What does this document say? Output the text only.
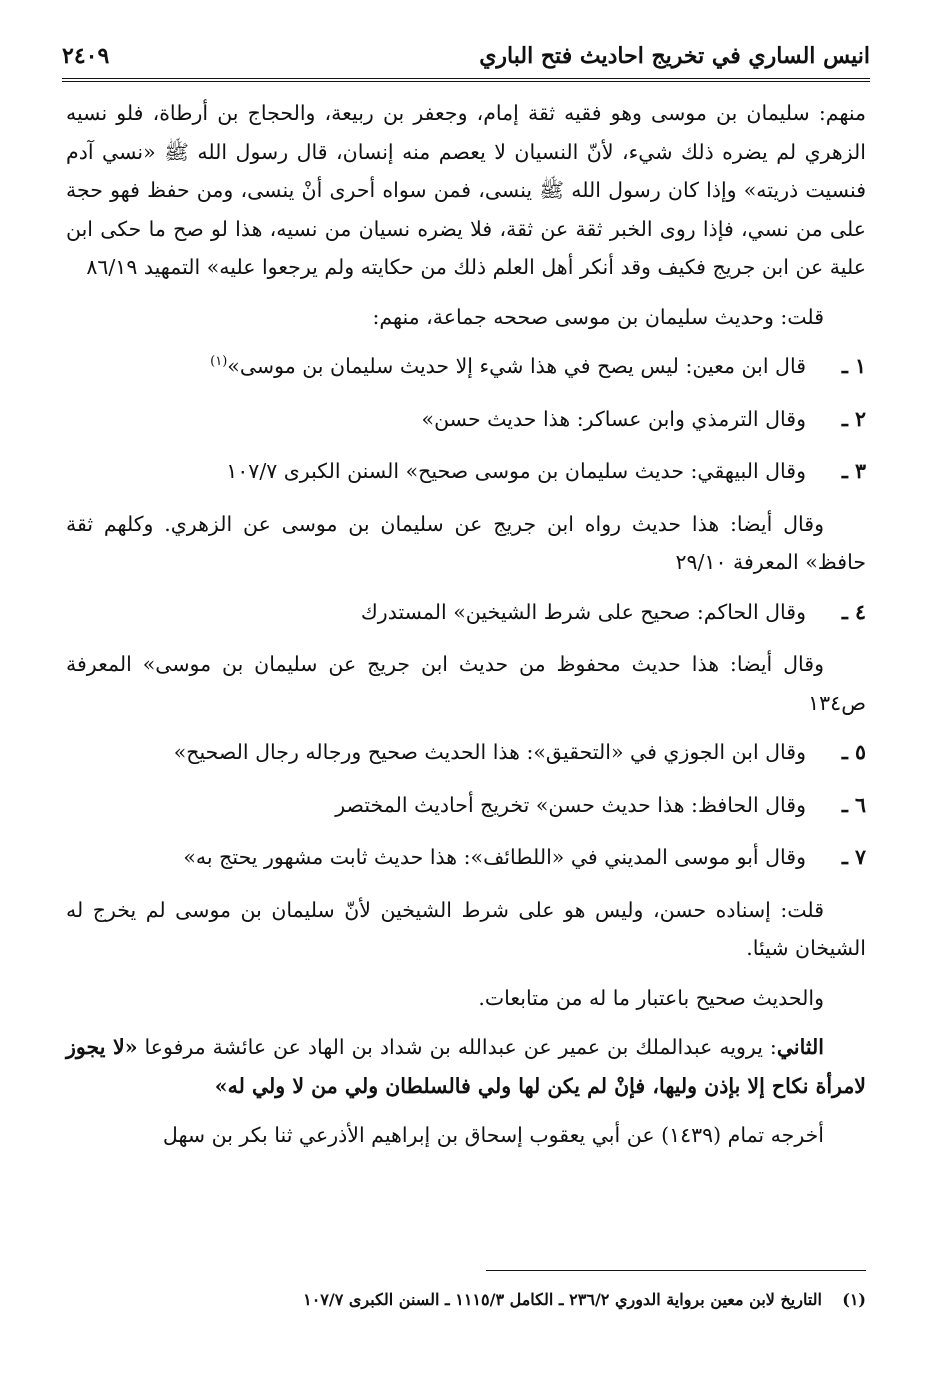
انيس الساري في تخريج احاديث فتح الباري
٢٤٠٩

منهم: سليمان بن موسى وهو فقيه ثقة إمام، وجعفر بن ربيعة، والحجاج بن أرطاة، فلو نسيه الزهري لم يضره ذلك شيء، لأنّ النسيان لا يعصم منه إنسان، قال رسول الله ﷺ «نسي آدم فنسيت ذريته» وإذا كان رسول الله ﷺ ينسى، فمن سواه أحرى أنْ ينسى، ومن حفظ فهو حجة على من نسي، فإذا روى الخبر ثقة عن ثقة، فلا يضره نسيان من نسيه، هذا لو صح ما حكى ابن علية عن ابن جريج فكيف وقد أنكر أهل العلم ذلك من حكايته ولم يرجعوا عليه» التمهيد ٨٦/١٩

قلت: وحديث سليمان بن موسى صححه جماعة، منهم:

١ ـ
قال ابن معين: ليس يصح في هذا شيء إلا حديث سليمان بن موسى»$^{(١)}$
٢ ـ
وقال الترمذي وابن عساكر: هذا حديث حسن»
٣ ـ
وقال البيهقي: حديث سليمان بن موسى صحيح» السنن الكبرى ١٠٧/٧

وقال أيضا: هذا حديث رواه ابن جريج عن سليمان بن موسى عن الزهري. وكلهم ثقة حافظ» المعرفة ٢٩/١٠

٤ ـ
وقال الحاكم: صحيح على شرط الشيخين» المستدرك

وقال أيضا: هذا حديث محفوظ من حديث ابن جريج عن سليمان بن موسى» المعرفة ص١٣٤

٥ ـ
وقال ابن الجوزي في «التحقيق»: هذا الحديث صحيح ورجاله رجال الصحيح»
٦ ـ
وقال الحافظ: هذا حديث حسن» تخريج أحاديث المختصر
٧ ـ
وقال أبو موسى المديني في «اللطائف»: هذا حديث ثابت مشهور يحتج به»

قلت: إسناده حسن، وليس هو على شرط الشيخين لأنّ سليمان بن موسى لم يخرج له الشيخان شيئا.

والحديث صحيح باعتبار ما له من متابعات.

الثاني: يرويه عبدالملك بن عمير عن عبدالله بن شداد بن الهاد عن عائشة مرفوعا «لا يجوز لامرأة نكاح إلا بإذن وليها، فإنْ لم يكن لها ولي فالسلطان ولي من لا ولي له»

أخرجه تمام (١٤٣٩) عن أبي يعقوب إسحاق بن إبراهيم الأذرعي ثنا بكر بن سهل

(١)
التاريخ لابن معين برواية الدوري ٢٣٦/٢ ـ الكامل ١١١٥/٣ ـ السنن الكبرى ١٠٧/٧
